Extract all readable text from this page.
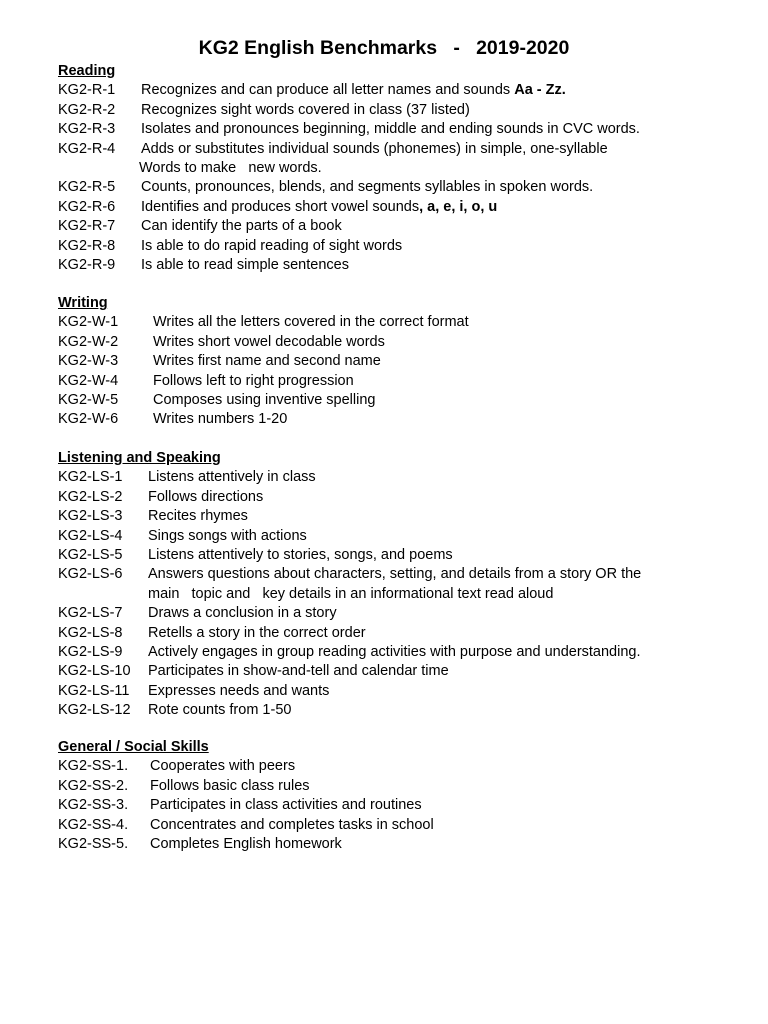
KG2 English Benchmarks   -   2019-2020
Reading
KG2-R-1 Recognizes and can produce all letter names and sounds Aa - Zz.
KG2-R-2 Recognizes sight words covered in class (37 listed)
KG2-R-3 Isolates and pronounces beginning, middle and ending sounds in CVC words.
KG2-R-4 Adds or substitutes individual sounds (phonemes) in simple, one-syllable

Words to make   new words.
KG2-R-5 Counts, pronounces, blends, and segments syllables in spoken words.
KG2-R-6 Identifies and produces short vowel sounds, a, e, i, o, u
KG2-R-7 Can identify the parts of a book
KG2-R-8 Is able to do rapid reading of sight words
KG2-R-9 Is able to read simple sentences
Writing
KG2-W-1 Writes all the letters covered in the correct format
KG2-W-2 Writes short vowel decodable words
KG2-W-3 Writes first name and second name
KG2-W-4 Follows left to right progression
KG2-W-5 Composes using inventive spelling
KG2-W-6 Writes numbers 1-20
Listening and Speaking
KG2-LS-1 Listens attentively in class
KG2-LS-2 Follows directions
KG2-LS-3 Recites rhymes
KG2-LS-4 Sings songs with actions
KG2-LS-5 Listens attentively to stories, songs, and poems
KG2-LS-6 Answers questions about characters, setting, and details from a story OR the

main   topic and   key details in an informational text read aloud
KG2-LS-7 Draws a conclusion in a story
KG2-LS-8 Retells a story in the correct order
KG2-LS-9 Actively engages in group reading activities with purpose and understanding.
KG2-LS-10 Participates in show-and-tell and calendar time
KG2-LS-11 Expresses needs and wants
KG2-LS-12 Rote counts from 1-50
General / Social Skills
KG2-SS-1. Cooperates with peers
KG2-SS-2. Follows basic class rules
KG2-SS-3. Participates in class activities and routines
KG2-SS-4. Concentrates and completes tasks in school
KG2-SS-5. Completes English homework
